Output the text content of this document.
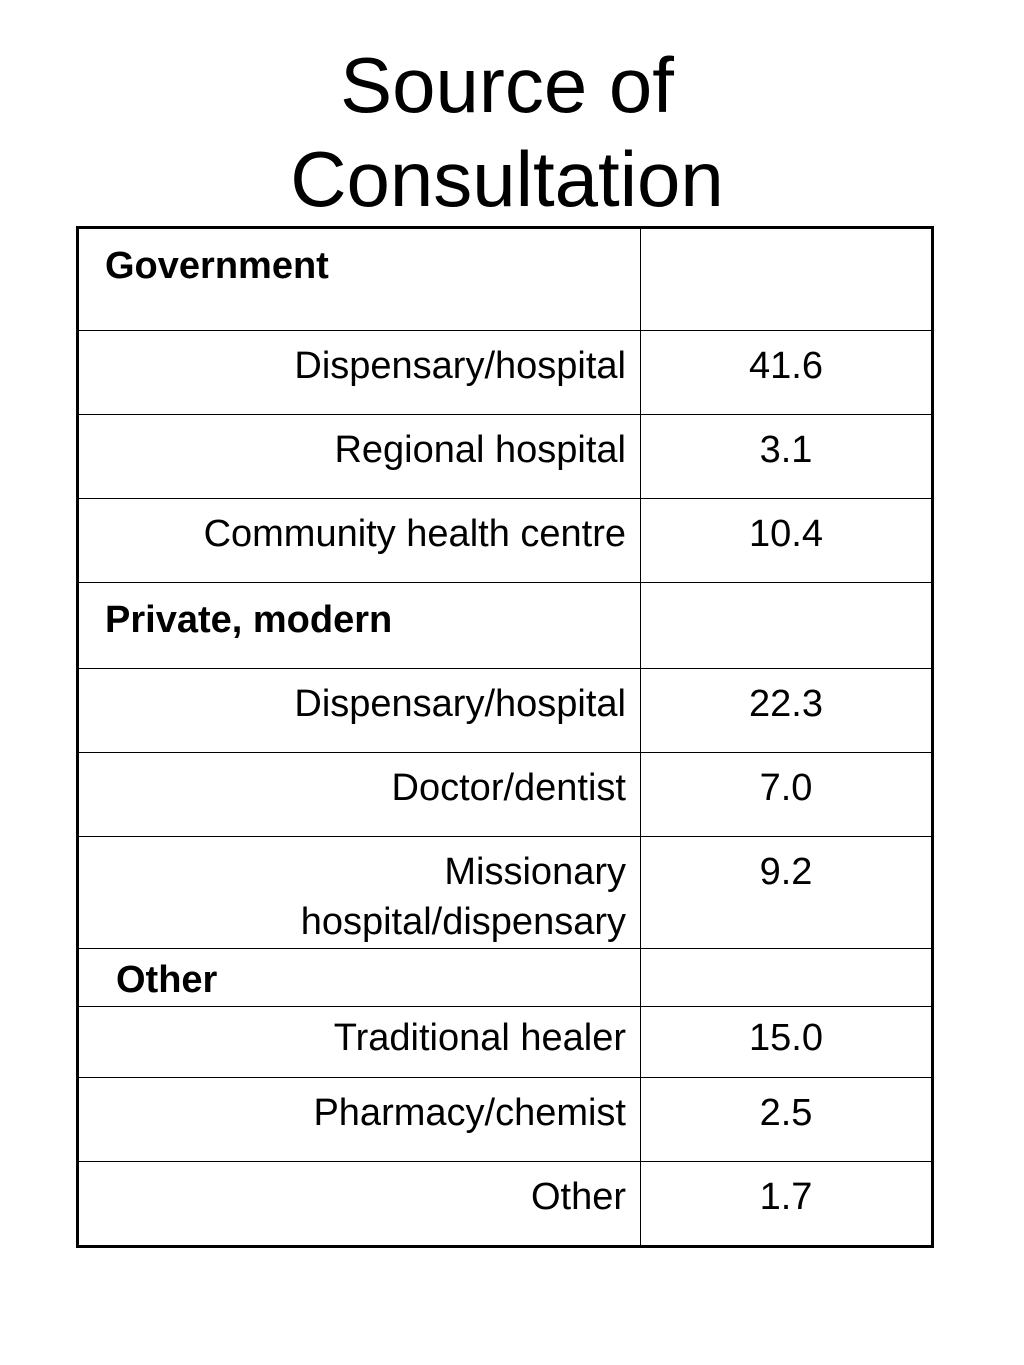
Source of
Consultation
Government	
Dispensary/hospital	41.6
Regional hospital	3.1
Community health centre	10.4
Private, modern	
Dispensary/hospital	22.3
Doctor/dentist	7.0
Missionary hospital/dispensary	9.2
Other	
Traditional healer	15.0
Pharmacy/chemist	2.5
Other	1.7
